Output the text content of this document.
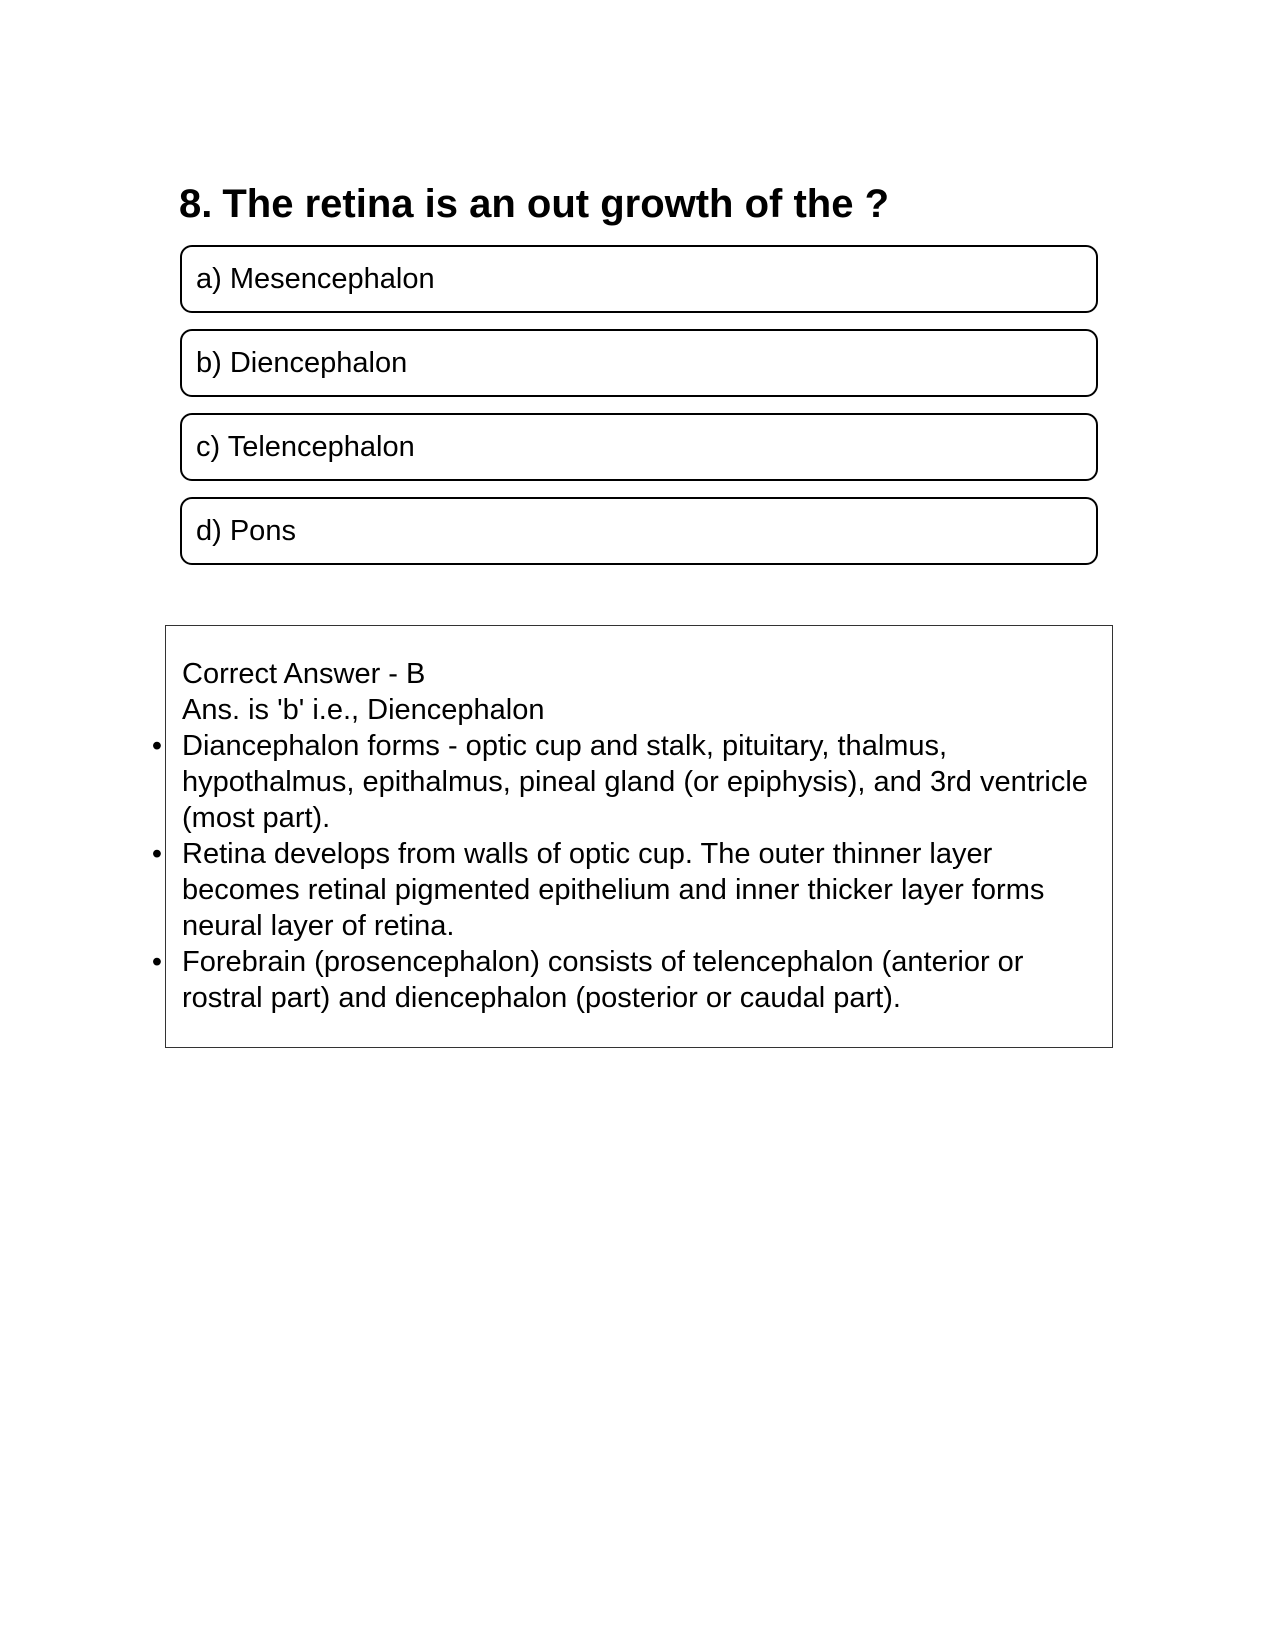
8. The retina is an out growth of the ?
a) Mesencephalon
b) Diencephalon
c) Telencephalon
d) Pons

Correct Answer - B

Ans. is 'b' i.e., Diencephalon

• Diancephalon forms - optic cup and stalk, pituitary, thalmus, hypothalmus, epithalmus, pineal gland (or epiphysis), and 3rd ventricle (most part).
• Retina develops from walls of optic cup. The outer thinner layer becomes retinal pigmented epithelium and inner thicker layer forms neural layer of retina.
• Forebrain (prosencephalon) consists of telencephalon (anterior or rostral part) and diencephalon (posterior or caudal part).
